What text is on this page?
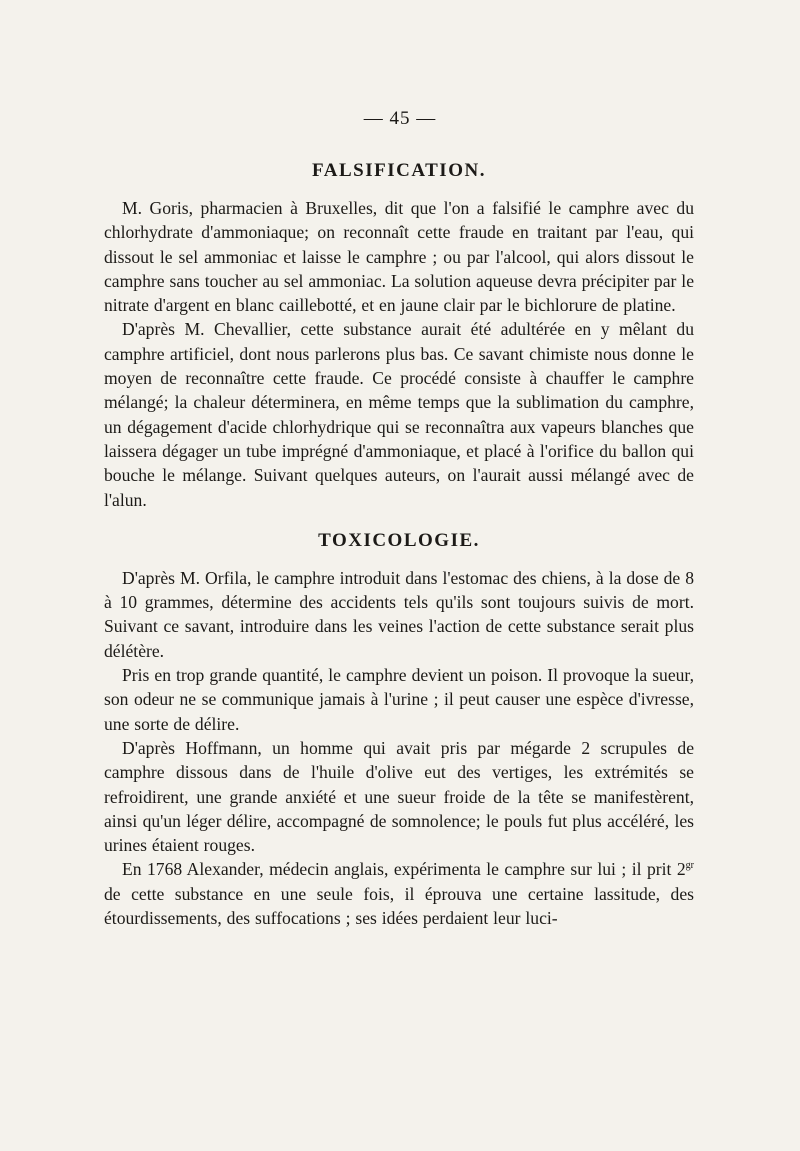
— 45 —
FALSIFICATION.

M. Goris, pharmacien à Bruxelles, dit que l'on a falsifié le camphre avec du chlorhydrate d'ammoniaque; on reconnaît cette fraude en traitant par l'eau, qui dissout le sel ammoniac et laisse le camphre ; ou par l'alcool, qui alors dissout le camphre sans toucher au sel ammoniac. La solution aqueuse devra précipiter par le nitrate d'argent en blanc caillebotté, et en jaune clair par le bichlorure de platine.

D'après M. Chevallier, cette substance aurait été adultérée en y mêlant du camphre artificiel, dont nous parlerons plus bas. Ce savant chimiste nous donne le moyen de reconnaître cette fraude. Ce procédé consiste à chauffer le camphre mélangé; la chaleur déterminera, en même temps que la sublimation du camphre, un dégagement d'acide chlorhydrique qui se reconnaîtra aux vapeurs blanches que laissera dégager un tube imprégné d'ammoniaque, et placé à l'orifice du ballon qui bouche le mélange. Suivant quelques auteurs, on l'aurait aussi mélangé avec de l'alun.

TOXICOLOGIE.

D'après M. Orfila, le camphre introduit dans l'estomac des chiens, à la dose de 8 à 10 grammes, détermine des accidents tels qu'ils sont toujours suivis de mort. Suivant ce savant, introduire dans les veines l'action de cette substance serait plus délétère.

Pris en trop grande quantité, le camphre devient un poison. Il provoque la sueur, son odeur ne se communique jamais à l'urine ; il peut causer une espèce d'ivresse, une sorte de délire.

D'après Hoffmann, un homme qui avait pris par mégarde 2 scrupules de camphre dissous dans de l'huile d'olive eut des vertiges, les extrémités se refroidirent, une grande anxiété et une sueur froide de la tête se manifestèrent, ainsi qu'un léger délire, accompagné de somnolence; le pouls fut plus accéléré, les urines étaient rouges.

En 1768 Alexander, médecin anglais, expérimenta le camphre sur lui ; il prit $2^{gr}$ de cette substance en une seule fois, il éprouva une certaine lassitude, des étourdissements, des suffocations ; ses idées perdaient leur luci-
